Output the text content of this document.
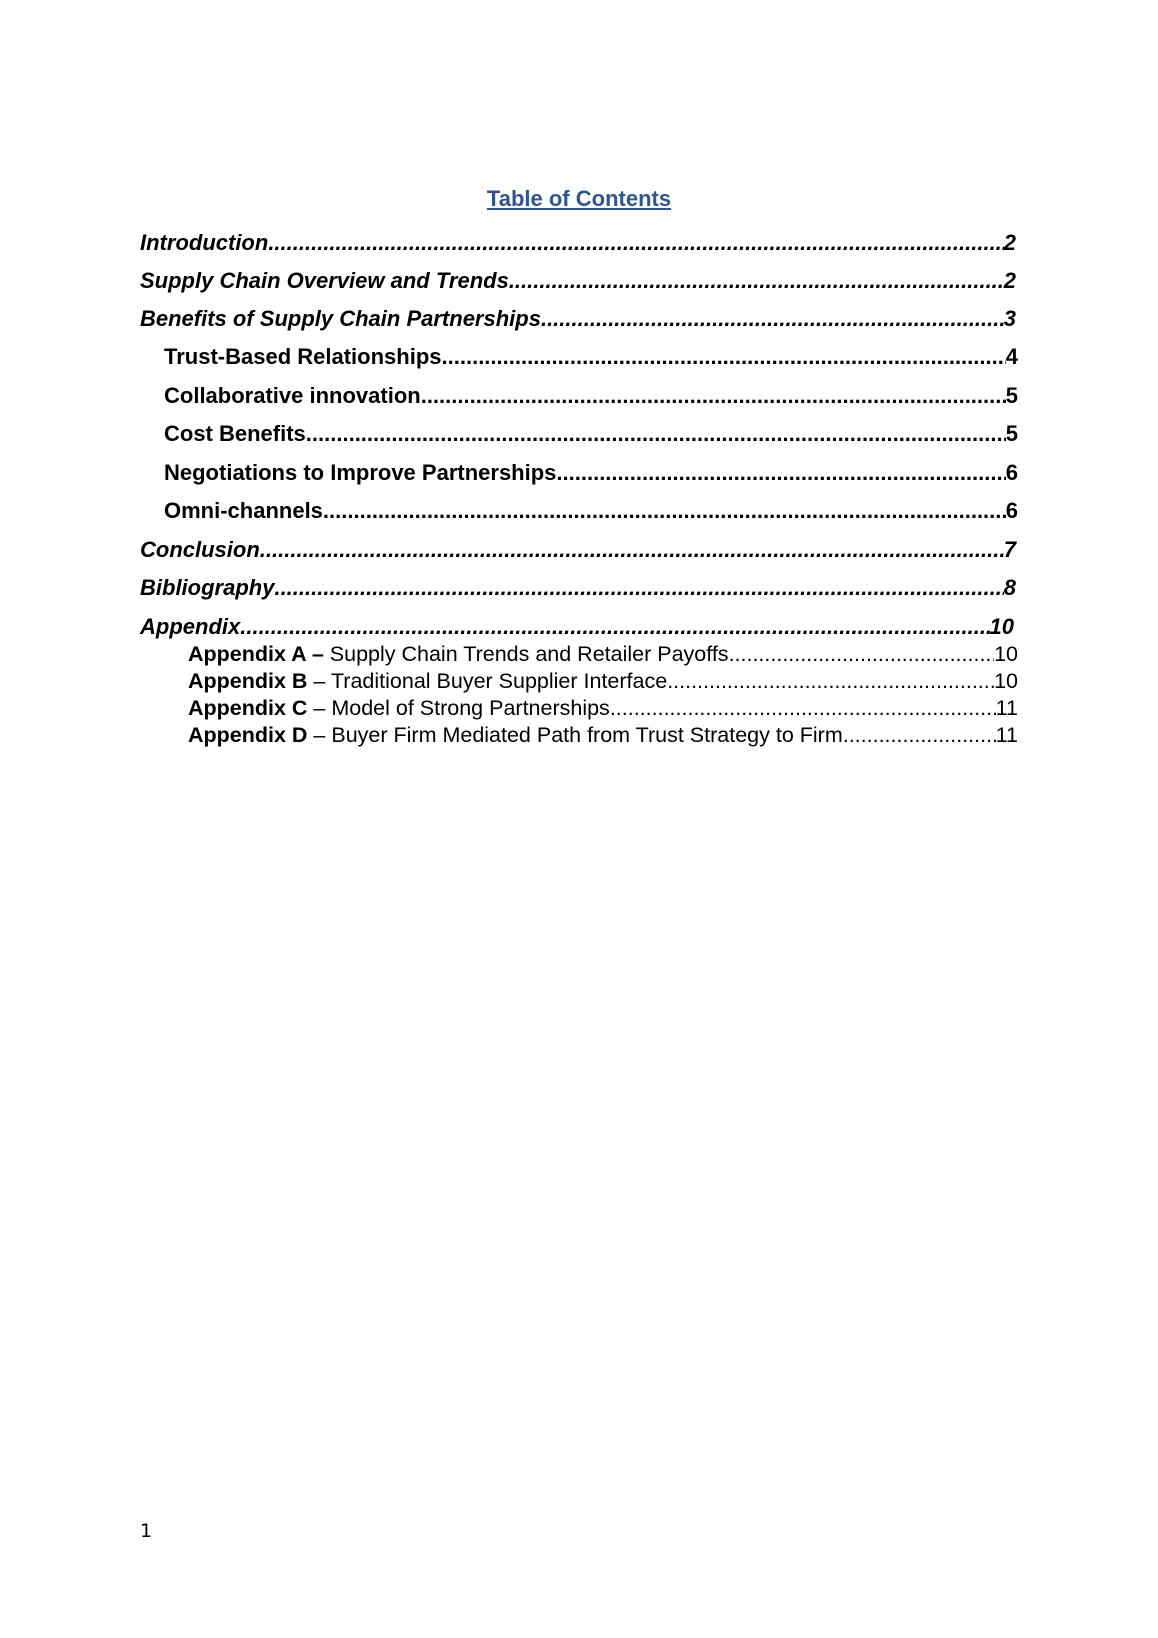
Table of Contents
Introduction .....	2
Supply Chain Overview and Trends .....	2
Benefits of Supply Chain Partnerships .....	3
Trust-Based Relationships .....	4
Collaborative innovation .....	5
Cost Benefits .....	5
Negotiations to Improve Partnerships .....	6
Omni-channels .....	6
Conclusion .....	7
Bibliography .....	8
Appendix .....	10
Appendix A – Supply Chain Trends and Retailer Payoffs .....	10
Appendix B – Traditional Buyer Supplier Interface .....	10
Appendix C – Model of Strong Partnerships .....	11
Appendix D – Buyer Firm Mediated Path from Trust Strategy to Firm .....	11
1
